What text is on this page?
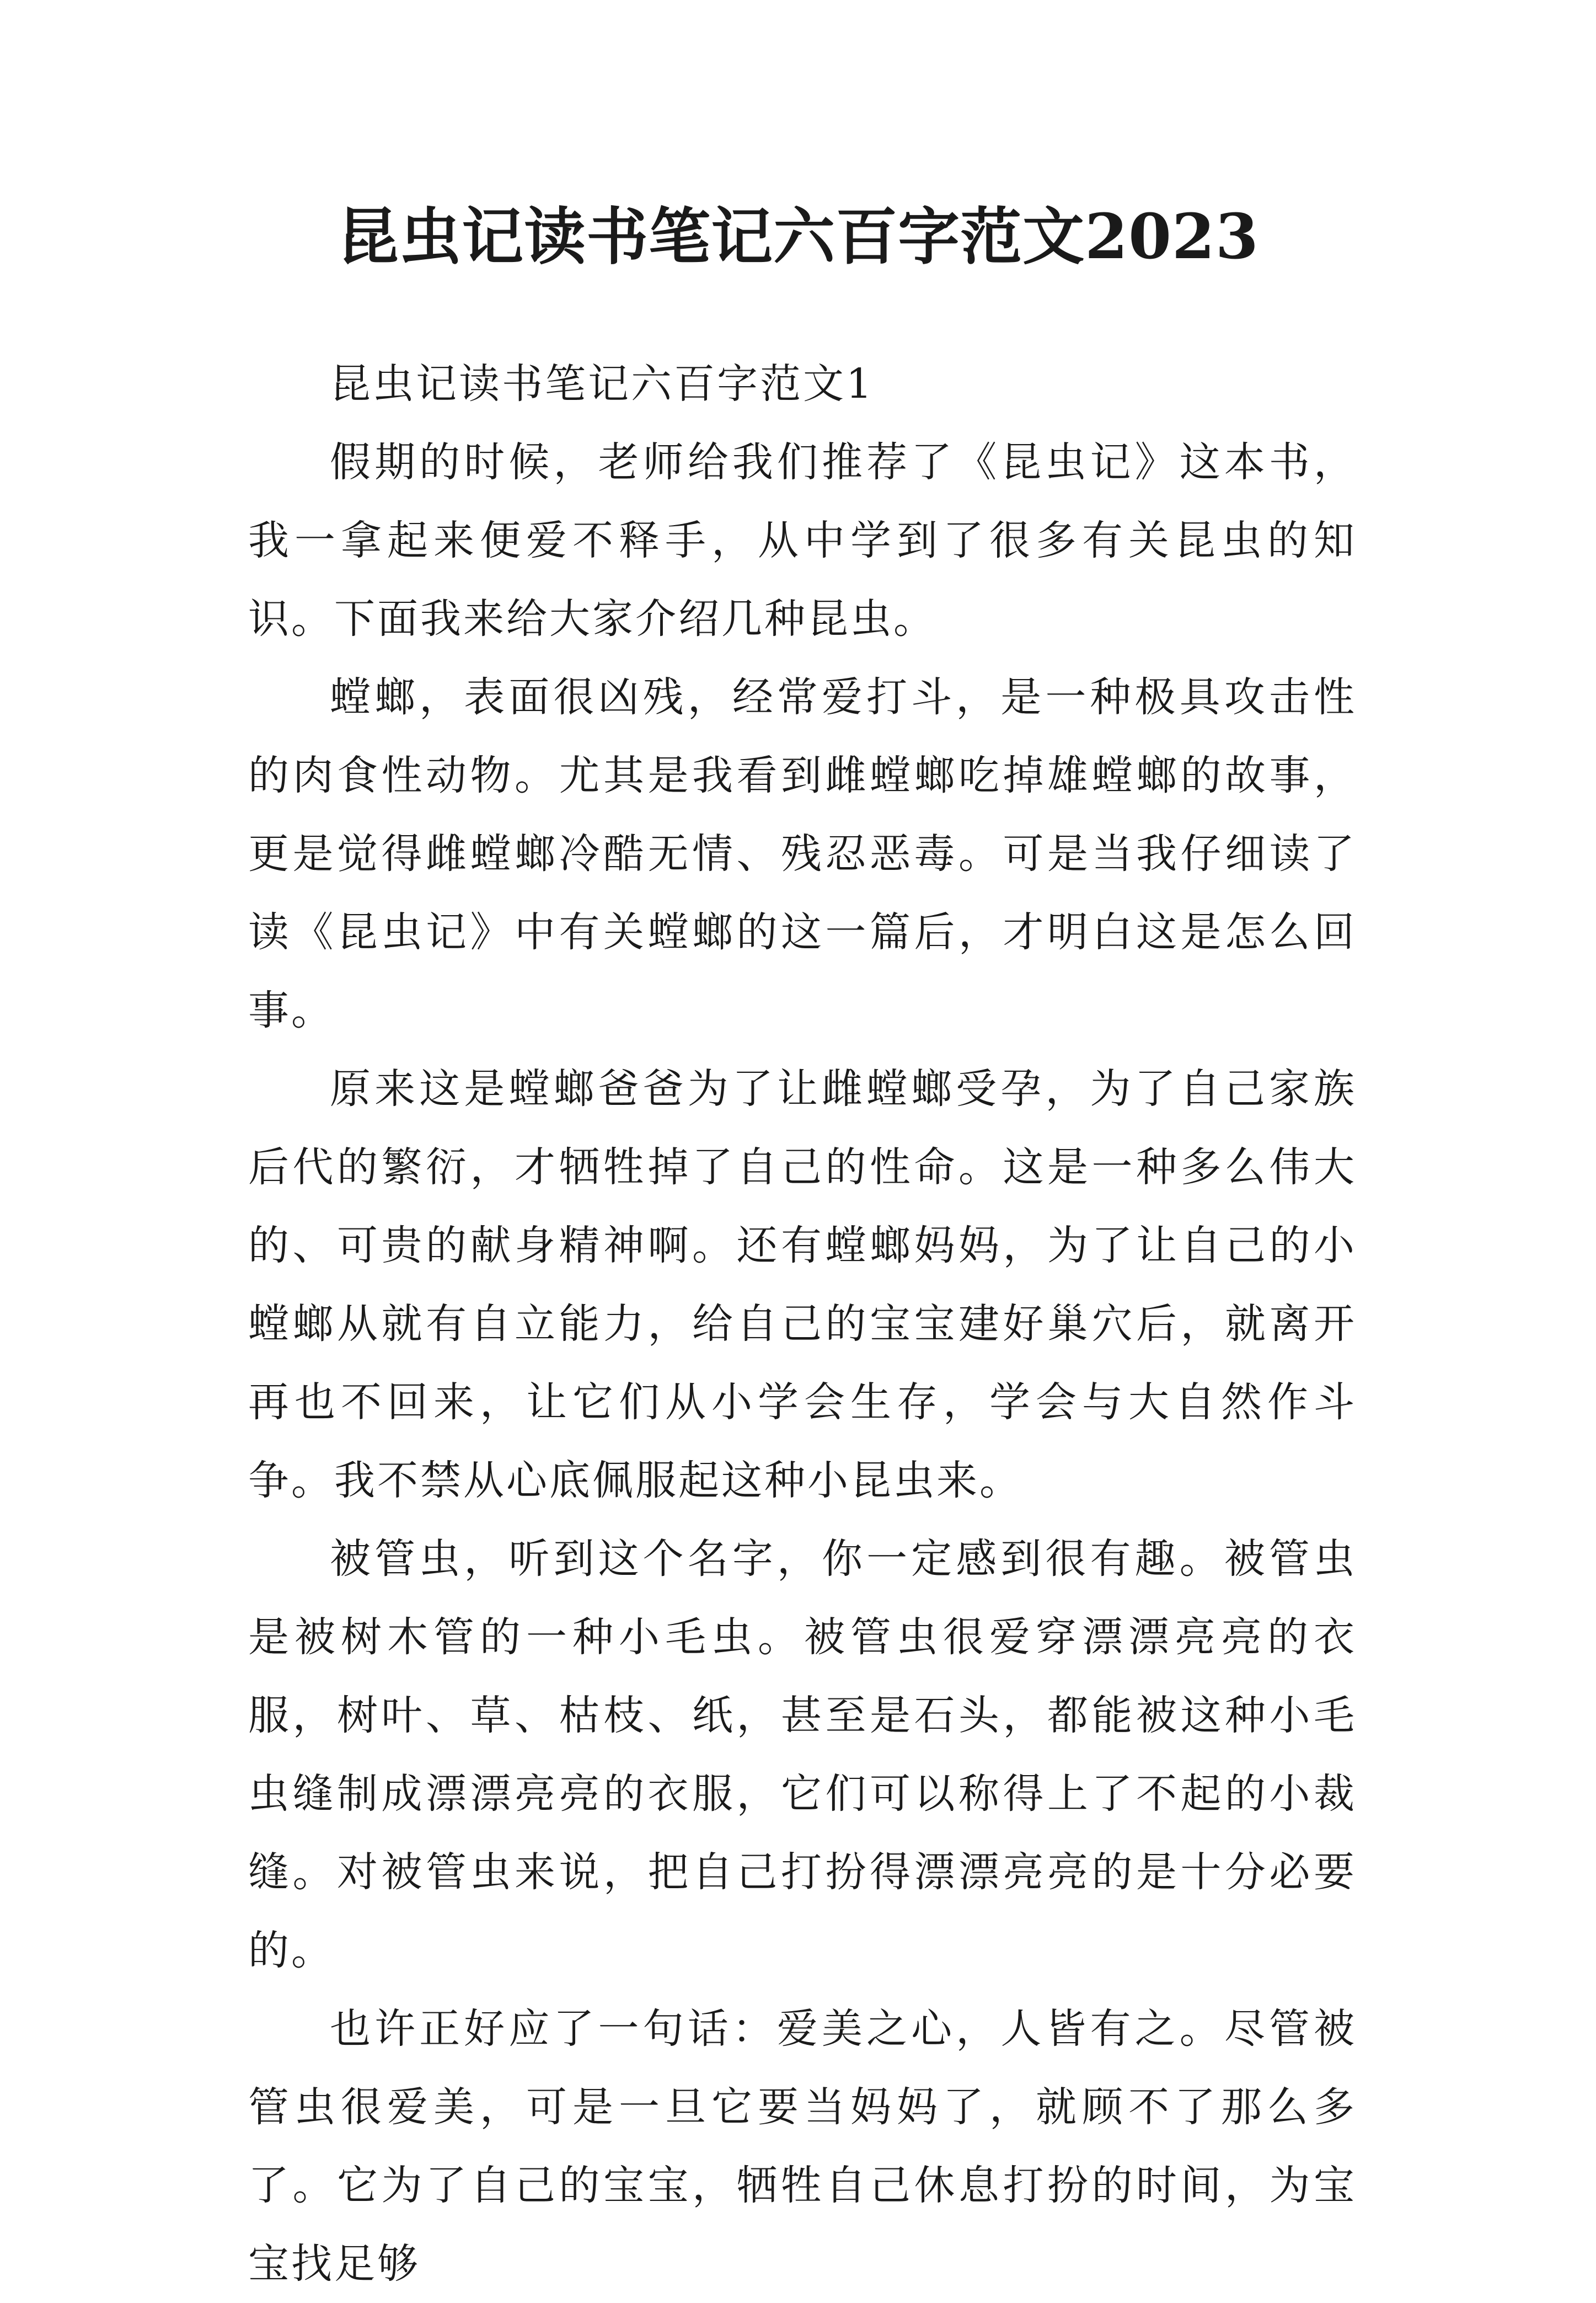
昆虫记读书笔记六百字范文2023

昆虫记读书笔记六百字范文1

假期的时候，老师给我们推荐了《昆虫记》这本书，我一拿起来便爱不释手，从中学到了很多有关昆虫的知识。下面我来给大家介绍几种昆虫。

螳螂，表面很凶残，经常爱打斗，是一种极具攻击性的肉食性动物。尤其是我看到雌螳螂吃掉雄螳螂的故事，更是觉得雌螳螂冷酷无情、残忍恶毒。可是当我仔细读了读《昆虫记》中有关螳螂的这一篇后，才明白这是怎么回事。

原来这是螳螂爸爸为了让雌螳螂受孕，为了自己家族后代的繁衍，才牺牲掉了自己的性命。这是一种多么伟大的、可贵的献身精神啊。还有螳螂妈妈，为了让自己的小螳螂从就有自立能力，给自己的宝宝建好巢穴后，就离开再也不回来，让它们从小学会生存，学会与大自然作斗争。我不禁从心底佩服起这种小昆虫来。

被管虫，听到这个名字，你一定感到很有趣。被管虫是被树木管的一种小毛虫。被管虫很爱穿漂漂亮亮的衣服，树叶、草、枯枝、纸，甚至是石头，都能被这种小毛虫缝制成漂漂亮亮的衣服，它们可以称得上了不起的小裁缝。对被管虫来说，把自己打扮得漂漂亮亮的是十分必要的。

也许正好应了一句话：爱美之心，人皆有之。尽管被管虫很爱美，可是一旦它要当妈妈了，就顾不了那么多了。它为了自己的宝宝，牺牲自己休息打扮的时间，为宝宝找足够
